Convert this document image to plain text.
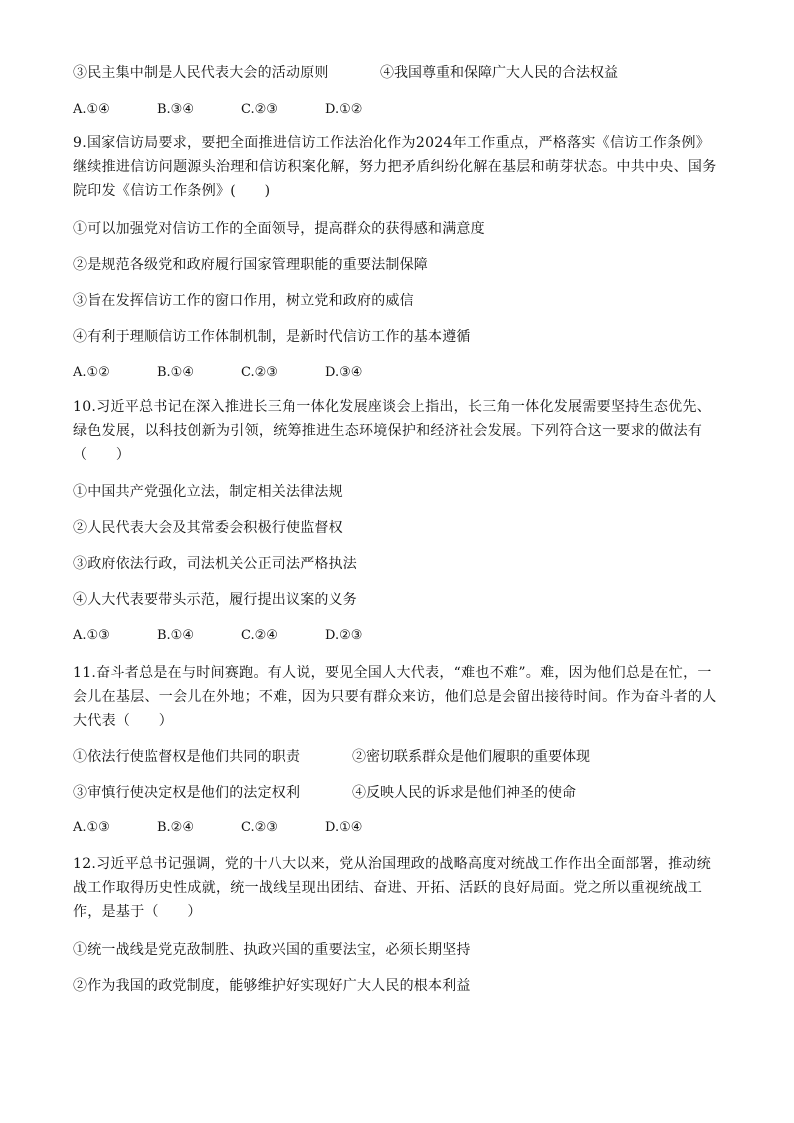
③民主集中制是人民代表大会的活动原则	④我国尊重和保障广大人民的合法权益
A.①④	B.③④	C.②③	D.①②
9.国家信访局要求，要把全面推进信访工作法治化作为2024年工作重点，严格落实《信访工作条例》继续推进信访问题源头治理和信访积案化解，努力把矛盾纠纷化解在基层和萌芽状态。中共中央、国务院印发《信访工作条例》(　　)
①可以加强党对信访工作的全面领导，提高群众的获得感和满意度
②是规范各级党和政府履行国家管理职能的重要法制保障
③旨在发挥信访工作的窗口作用，树立党和政府的威信
④有利于理顺信访工作体制机制，是新时代信访工作的基本遵循
A.①②	B.①④	C.②③	D.③④
10.习近平总书记在深入推进长三角一体化发展座谈会上指出，长三角一体化发展需要坚持生态优先、绿色发展，以科技创新为引领，统筹推进生态环境保护和经济社会发展。下列符合这一要求的做法有（　　）
①中国共产党强化立法，制定相关法律法规
②人民代表大会及其常委会积极行使监督权
③政府依法行政，司法机关公正司法严格执法
④人大代表要带头示范，履行提出议案的义务
A.①③	B.①④	C.②④	D.②③
11.奋斗者总是在与时间赛跑。有人说，要见全国人大代表，“难也不难”。难，因为他们总是在忙，一会儿在基层、一会儿在外地；不难，因为只要有群众来访，他们总是会留出接待时间。作为奋斗者的人大代表（　　）
①依法行使监督权是他们共同的职责	②密切联系群众是他们履职的重要体现
③审慎行使决定权是他们的法定权利	④反映人民的诉求是他们神圣的使命
A.①③	B.②④	C.②③	D.①④
12.习近平总书记强调，党的十八大以来，党从治国理政的战略高度对统战工作作出全面部署，推动统战工作取得历史性成就，统一战线呈现出团结、奋进、开拓、活跃的良好局面。党之所以重视统战工作，是基于（　　）
①统一战线是党克敌制胜、执政兴国的重要法宝，必须长期坚持
②作为我国的政党制度，能够维护好实现好广大人民的根本利益
